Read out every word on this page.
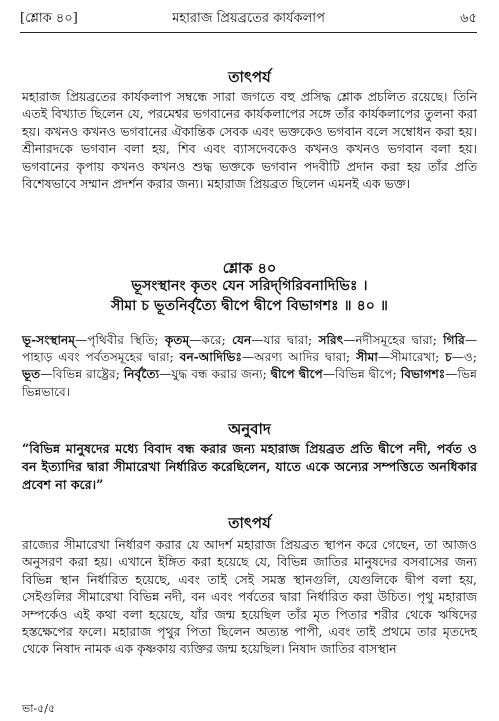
[শ্লোক ৪০]	মহারাজ প্রিয়ব্রতের কার্যকলাপ	৬৫
তাৎপর্য

মহারাজ প্রিয়ব্রতের কার্যকলাপ সম্বন্ধে সারা জগতে বহু প্রসিদ্ধ শ্লোক প্রচলিত রয়েছে। তিনি এতই বিখ্যাত ছিলেন যে, পরমেশ্বর ভগবানের কার্যকলাপের সঙ্গে তাঁর কার্যকলাপের তুলনা করা হয়। কখনও কখনও ভগবানের ঐকান্তিক সেবক এবং ভক্তকেও ভগবান বলে সম্বোধন করা হয়। শ্রীনারদকে ভগবান বলা হয়, শিব এবং ব্যাসদেবকেও কখনও কখনও ভগবান বলা হয়। ভগবানের কৃপায় কখনও কখনও শুদ্ধ ভক্তকে ভগবান পদবীটি প্রদান করা হয় তাঁর প্রতি বিশেষভাবে সম্মান প্রদর্শন করার জন্য। মহারাজ প্রিয়ব্রত ছিলেন এমনই এক ভক্ত।

শ্লোক ৪০
ভূসংস্থানং কৃতং যেন সরিদ্‌গিরিবনাদিভিঃ ।
সীমা চ ভূতনির্বৃত্যৈ দ্বীপে দ্বীপে বিভাগশঃ ॥ ৪০ ॥
ভূ-সংস্থানম্—পৃথিবীর স্থিতি; কৃতম্—করে; যেন—যার দ্বারা; সরিৎ—নদীসমূহের দ্বারা; গিরি—পাহাড় এবং পর্বতসমূহের দ্বারা; বন-আদিভিঃ—অরণ্য আদির দ্বারা; সীমা—সীমারেখা; চ—ও; ভূত—বিভিন্ন রাষ্ট্রের; নির্বৃত্যৈ—যুদ্ধ বন্ধ করার জন্য; দ্বীপে দ্বীপে—বিভিন্ন দ্বীপে; বিভাগশঃ—ভিন্ন ভিন্নভাবে।
অনুবাদ
“বিভিন্ন মানুষদের মধ্যে বিবাদ বন্ধ করার জন্য মহারাজ প্রিয়ব্রত প্রতি দ্বীপে নদী, পর্বত ও বন ইত্যাদির দ্বারা সীমারেখা নির্ধারিত করেছিলেন, যাতে একে অন্যের সম্পত্তিতে অনধিকার প্রবেশ না করে।”
তাৎপর্য

রাজ্যের সীমারেখা নির্ধারণ করার যে আদর্শ মহারাজ প্রিয়ব্রত স্থাপন করে গেছেন, তা আজও অনুসরণ করা হয়। এখানে ইঙ্গিত করা হয়েছে যে, বিভিন্ন জাতির মানুষদের বসবাসের জন্য বিভিন্ন স্থান নির্ধারিত হয়েছে, এবং তাই সেই সমস্ত স্থানগুলি, যেগুলিকে দ্বীপ বলা হয়, সেইগুলির সীমারেখা বিভিন্ন নদী, বন এবং পর্বতের দ্বারা নির্ধারিত করা উচিত। পৃথু মহারাজ সম্পর্কেও এই কথা বলা হয়েছে, যাঁর জন্ম হয়েছিল তাঁর মৃত পিতার শরীর থেকে ঋষিদের হস্তক্ষেপের ফলে। মহারাজ পৃথুর পিতা ছিলেন অত্যন্ত পাপী, এবং তাই প্রথমে তার মৃতদেহ থেকে নিষাদ নামক এক কৃষ্ণকায় ব্যক্তির জন্ম হয়েছিল। নিষাদ জাতির বাসস্থান

ভা-৫/৫
